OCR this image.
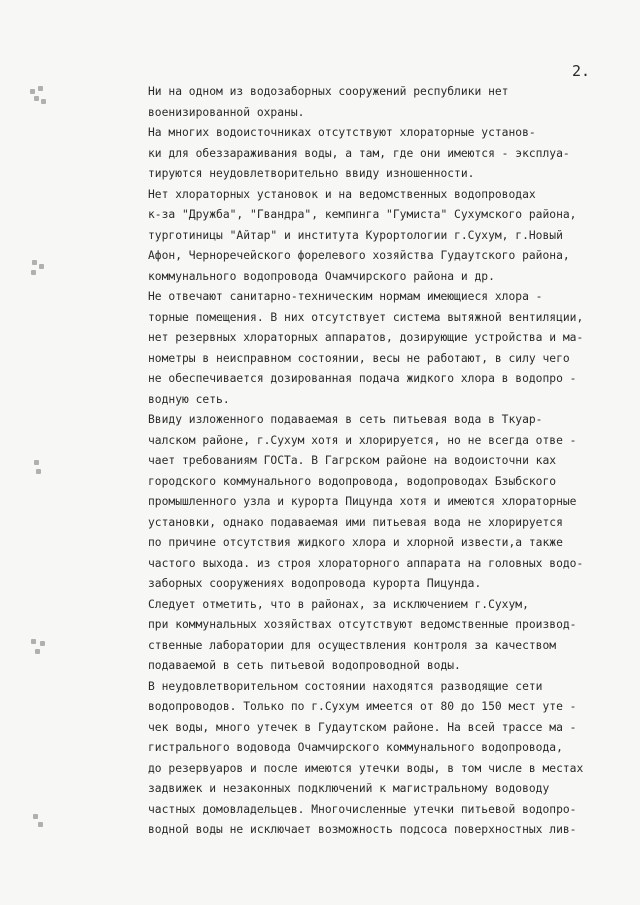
2.
Ни на одном из водозаборных сооружений республики нет
военизированной охраны.
На многих водоисточниках отсутствуют хлораторные установ-
ки для обеззараживания воды, а там, где они имеются - эксплуа-
тируются неудовлетворительно ввиду изношенности.
Нет хлораторных установок и на ведомственных водопроводах
к-за "Дружба", "Гвандра", кемпинга "Гумиста" Сухумского района,
турготиницы "Айтар" и института Курортологии г.Сухум, г.Новый
Афон, Черноречейского форелевого хозяйства Гудаутского района,
коммунального водопровода Очамчирского района и др.
Не отвечают санитарно-техническим нормам имеющиеся хлора -
торные помещения. В них отсутствует система вытяжной вентиляции,
нет резервных хлораторных аппаратов, дозирующие устройства и ма-
нометры в неисправном состоянии, весы не работают, в силу чего
не обеспечивается дозированная подача жидкого хлора в водопро -
водную сеть.
Ввиду изложенного подаваемая в сеть питьевая вода в Ткуар-
чалском районе, г.Сухум хотя и хлорируется, но не всегда отве -
чает требованиям ГОСТа. В Гагрском районе на водоисточни ках
городского коммунального водопровода, водопроводах Бзыбского
промышленного узла и курорта Пицунда хотя и имеются хлораторные
установки, однако подаваемая ими питьевая вода не хлорируется
по причине отсутствия жидкого хлора и хлорной извести,а также
частого выхода. из строя хлораторного аппарата на головных водо-
заборных сооружениях водопровода курорта Пицунда.
Следует отметить, что в районах, за исключением г.Сухум,
при коммунальных хозяйствах отсутствуют ведомственные производ-
ственные лаборатории для осуществления контроля за качеством
подаваемой в сеть питьевой водопроводной воды.
В неудовлетворительном состоянии находятся разводящие сети
водопроводов. Только по г.Сухум имеется от 80 до 150 мест уте -
чек воды, много утечек в Гудаутском районе. На всей трассе ма -
гистрального водовода Очамчирского коммунального водопровода,
до резервуаров и после имеются утечки воды, в том числе в местах
задвижек и незаконных подключений к магистральному водоводу
частных домовладельцев. Многочисленные утечки питьевой водопро-
водной воды не исключает возможность подсоса поверхностных лив-
